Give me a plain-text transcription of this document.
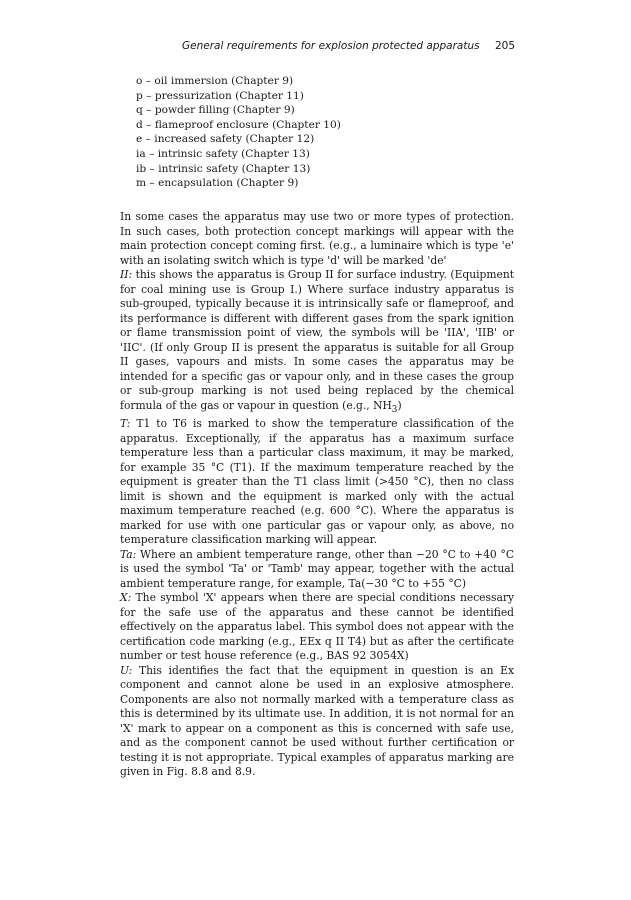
General requirements for explosion protected apparatus 205
o – oil immersion (Chapter 9)
p – pressurization (Chapter 11)
q – powder filling (Chapter 9)
d – flameproof enclosure (Chapter 10)
e – increased safety (Chapter 12)
ia – intrinsic safety (Chapter 13)
ib – intrinsic safety (Chapter 13)
m – encapsulation (Chapter 9)

In some cases the apparatus may use two or more types of protection. In such cases, both protection concept markings will appear with the main protection concept coming first. (e.g., a luminaire which is type 'e' with an isolating switch which is type 'd' will be marked 'de'

II: this shows the apparatus is Group II for surface industry. (Equipment for coal mining use is Group I.) Where surface industry apparatus is sub-grouped, typically because it is intrinsically safe or flameproof, and its performance is different with different gases from the spark ignition or flame transmission point of view, the symbols will be 'IIA', 'IIB' or 'IIC'. (If only Group II is present the apparatus is suitable for all Group II gases, vapours and mists. In some cases the apparatus may be intended for a specific gas or vapour only, and in these cases the group or sub-group marking is not used being replaced by the chemical formula of the gas or vapour in question (e.g., $NH_3$)

T: T1 to T6 is marked to show the temperature classification of the apparatus. Exceptionally, if the apparatus has a maximum surface temperature less than a particular class maximum, it may be marked, for example 35 °C (T1). If the maximum temperature reached by the equipment is greater than the T1 class limit (>450 °C), then no class limit is shown and the equipment is marked only with the actual maximum temperature reached (e.g. 600 °C). Where the apparatus is marked for use with one particular gas or vapour only, as above, no temperature classification marking will appear.

Ta: Where an ambient temperature range, other than −20 °C to +40 °C is used the symbol 'Ta' or 'Tamb' may appear, together with the actual ambient temperature range, for example, Ta(−30 °C to +55 °C)

X: The symbol 'X' appears when there are special conditions necessary for the safe use of the apparatus and these cannot be identified effectively on the apparatus label. This symbol does not appear with the certification code marking (e.g., EEx q II T4) but as after the certificate number or test house reference (e.g., BAS 92 3054X)

U: This identifies the fact that the equipment in question is an Ex component and cannot alone be used in an explosive atmosphere. Components are also not normally marked with a temperature class as this is determined by its ultimate use. In addition, it is not normal for an 'X' mark to appear on a component as this is concerned with safe use, and as the component cannot be used without further certification or testing it is not appropriate. Typical examples of apparatus marking are given in Fig. 8.8 and 8.9.
